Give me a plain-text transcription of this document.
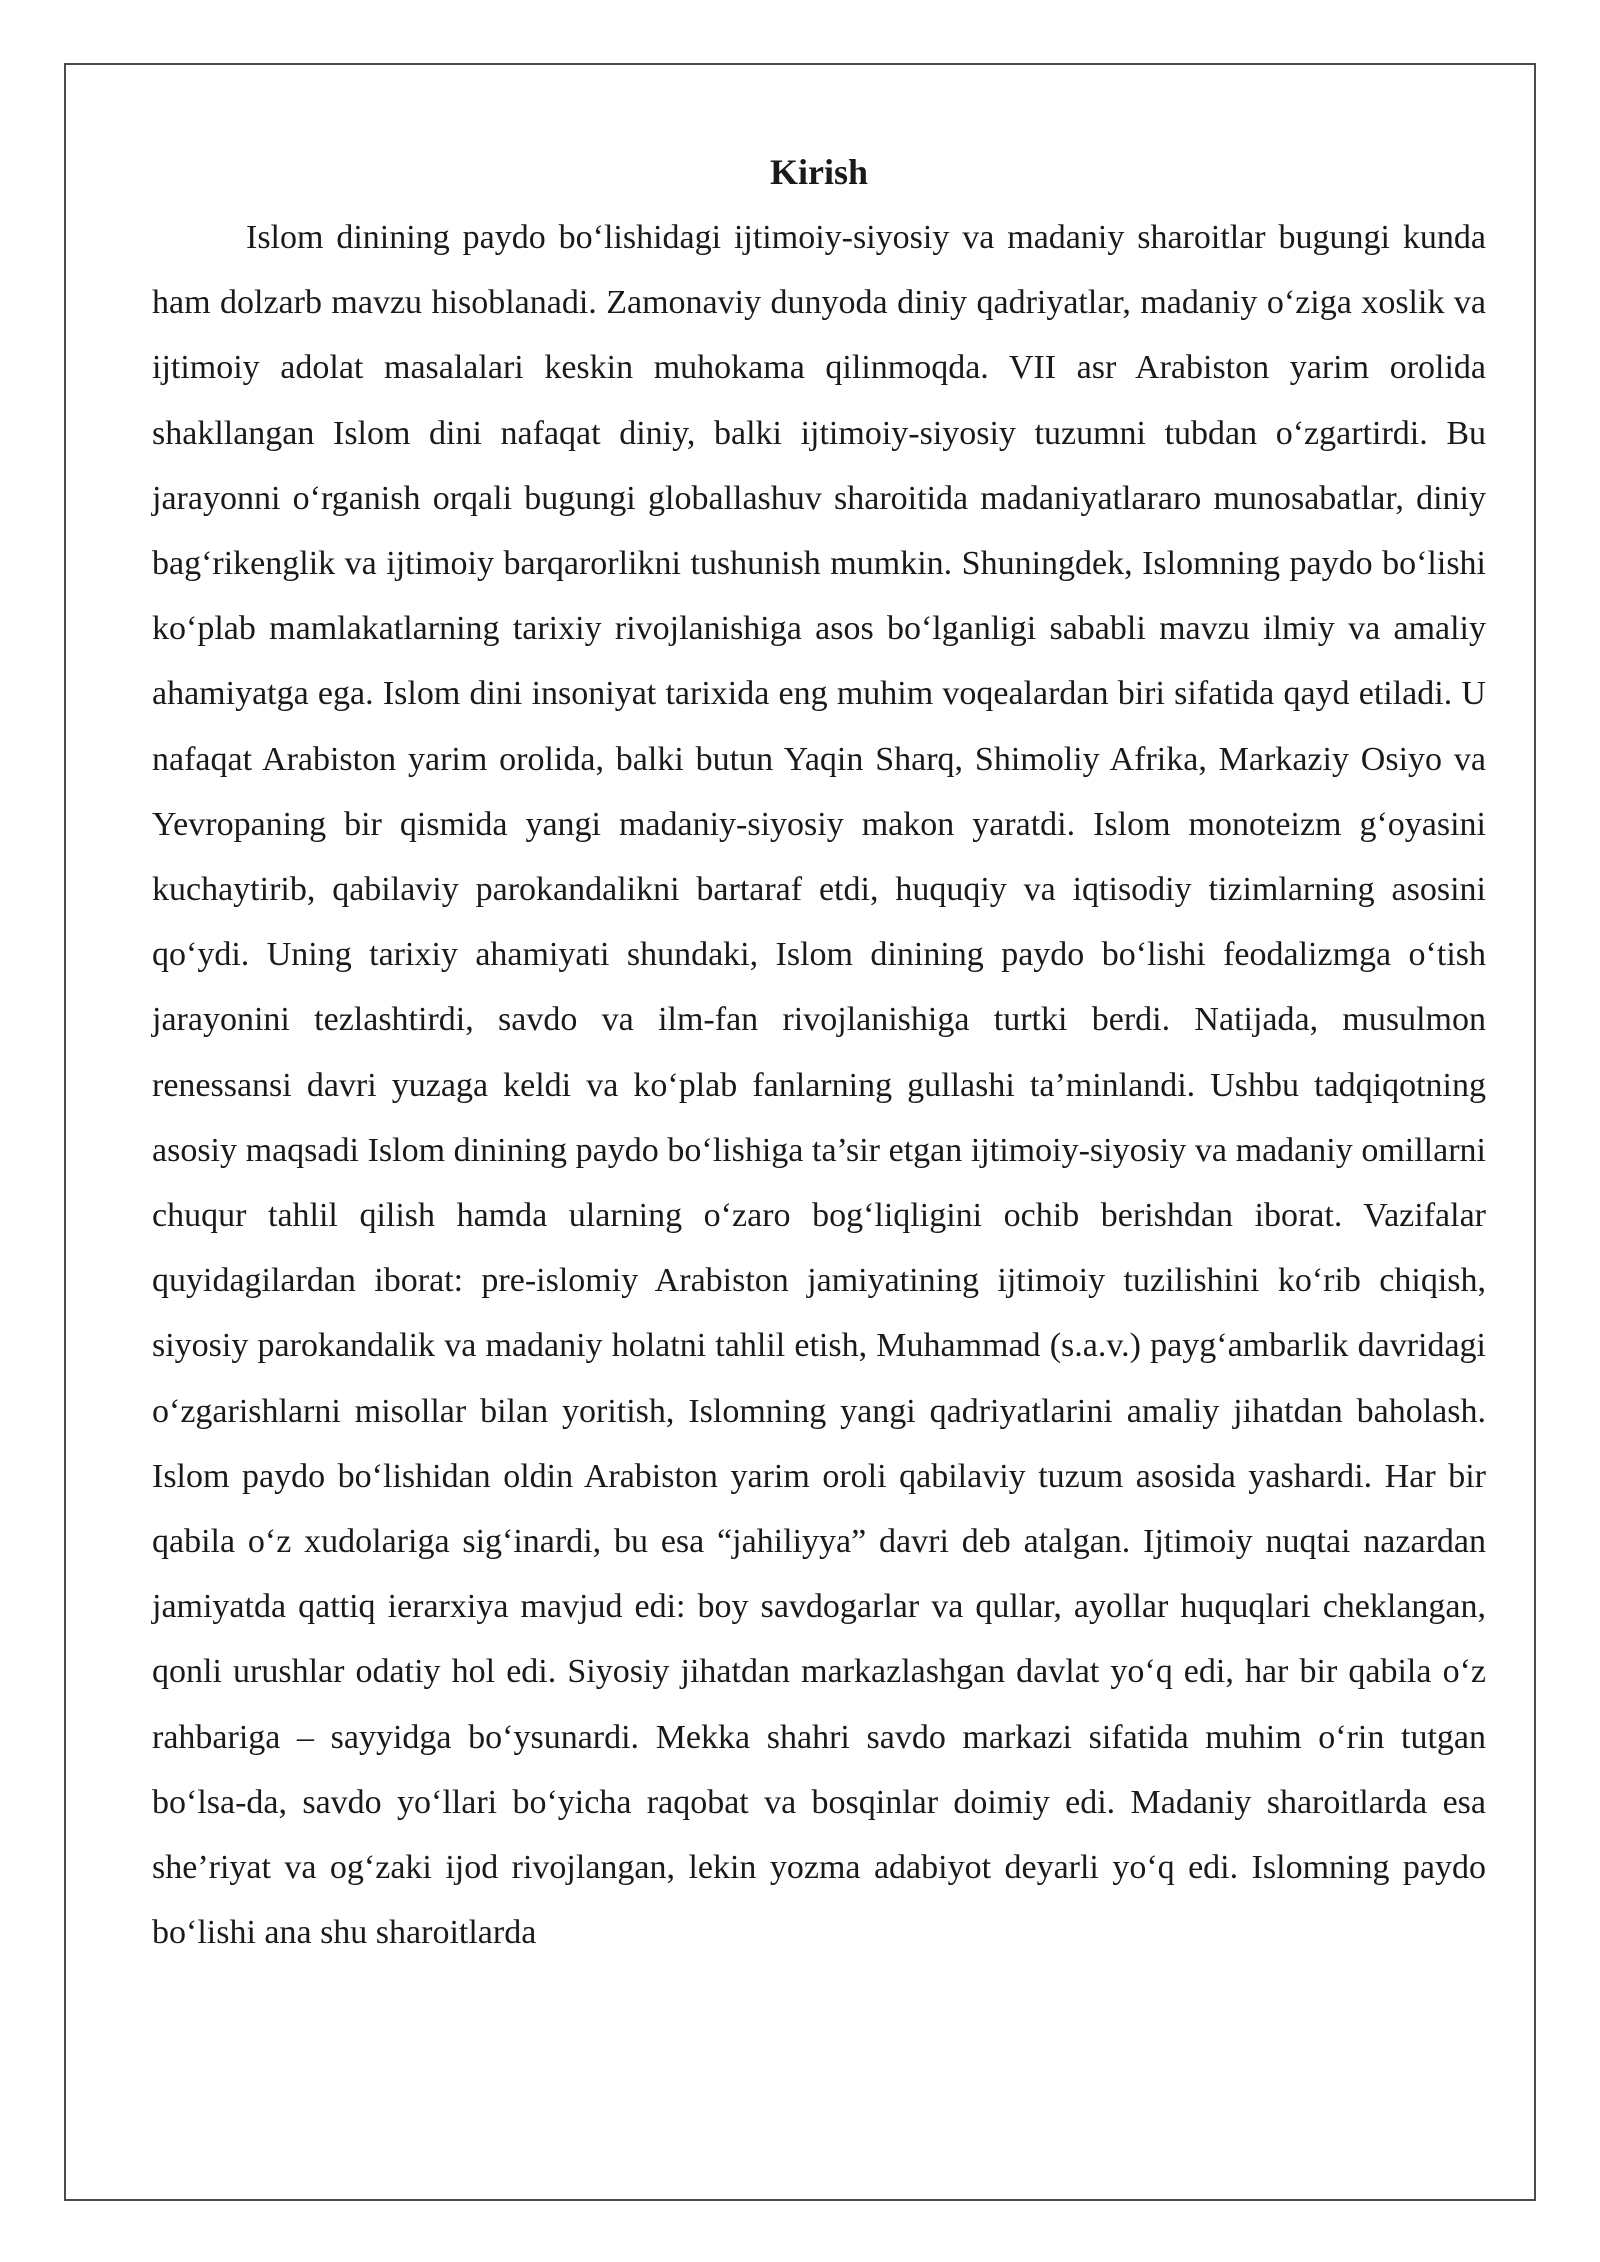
Kirish

Islom dinining paydo bo‘lishidagi ijtimoiy-siyosiy va madaniy sharoitlar bugungi kunda ham dolzarb mavzu hisoblanadi. Zamonaviy dunyoda diniy qadriyatlar, madaniy o‘ziga xoslik va ijtimoiy adolat masalalari keskin muhokama qilinmoqda. VII asr Arabiston yarim orolida shakllangan Islom dini nafaqat diniy, balki ijtimoiy-siyosiy tuzumni tubdan o‘zgartirdi. Bu jarayonni o‘rganish orqali bugungi globallashuv sharoitida madaniyatlararo munosabatlar, diniy bag‘rikenglik va ijtimoiy barqarorlikni tushunish mumkin. Shuningdek, Islomning paydo bo‘lishi ko‘plab mamlakatlarning tarixiy rivojlanishiga asos bo‘lganligi sababli mavzu ilmiy va amaliy ahamiyatga ega. Islom dini insoniyat tarixida eng muhim voqealardan biri sifatida qayd etiladi. U nafaqat Arabiston yarim orolida, balki butun Yaqin Sharq, Shimoliy Afrika, Markaziy Osiyo va Yevropaning bir qismida yangi madaniy-siyosiy makon yaratdi. Islom monoteizm g‘oyasini kuchaytirib, qabilaviy parokandalikni bartaraf etdi, huquqiy va iqtisodiy tizimlarning asosini qo‘ydi. Uning tarixiy ahamiyati shundaki, Islom dinining paydo bo‘lishi feodalizmga o‘tish jarayonini tezlashtirdi, savdo va ilm-fan rivojlanishiga turtki berdi. Natijada, musulmon renessansi davri yuzaga keldi va ko‘plab fanlarning gullashi ta’minlandi. Ushbu tadqiqotning asosiy maqsadi Islom dinining paydo bo‘lishiga ta’sir etgan ijtimoiy-siyosiy va madaniy omillarni chuqur tahlil qilish hamda ularning o‘zaro bog‘liqligini ochib berishdan iborat. Vazifalar quyidagilardan iborat: pre-islomiy Arabiston jamiyatining ijtimoiy tuzilishini ko‘rib chiqish, siyosiy parokandalik va madaniy holatni tahlil etish, Muhammad (s.a.v.) payg‘ambarlik davridagi o‘zgarishlarni misollar bilan yoritish, Islomning yangi qadriyatlarini amaliy jihatdan baholash. Islom paydo bo‘lishidan oldin Arabiston yarim oroli qabilaviy tuzum asosida yashardi. Har bir qabila o‘z xudolariga sig‘inardi, bu esa “jahiliyya” davri deb atalgan. Ijtimoiy nuqtai nazardan jamiyatda qattiq ierarxiya mavjud edi: boy savdogarlar va qullar, ayollar huquqlari cheklangan, qonli urushlar odatiy hol edi. Siyosiy jihatdan markazlashgan davlat yo‘q edi, har bir qabila o‘z rahbariga – sayyidga bo‘ysunardi. Mekka shahri savdo markazi sifatida muhim o‘rin tutgan bo‘lsa-da, savdo yo‘llari bo‘yicha raqobat va bosqinlar doimiy edi. Madaniy sharoitlarda esa she’riyat va og‘zaki ijod rivojlangan, lekin yozma adabiyot deyarli yo‘q edi. Islomning paydo bo‘lishi ana shu sharoitlarda
